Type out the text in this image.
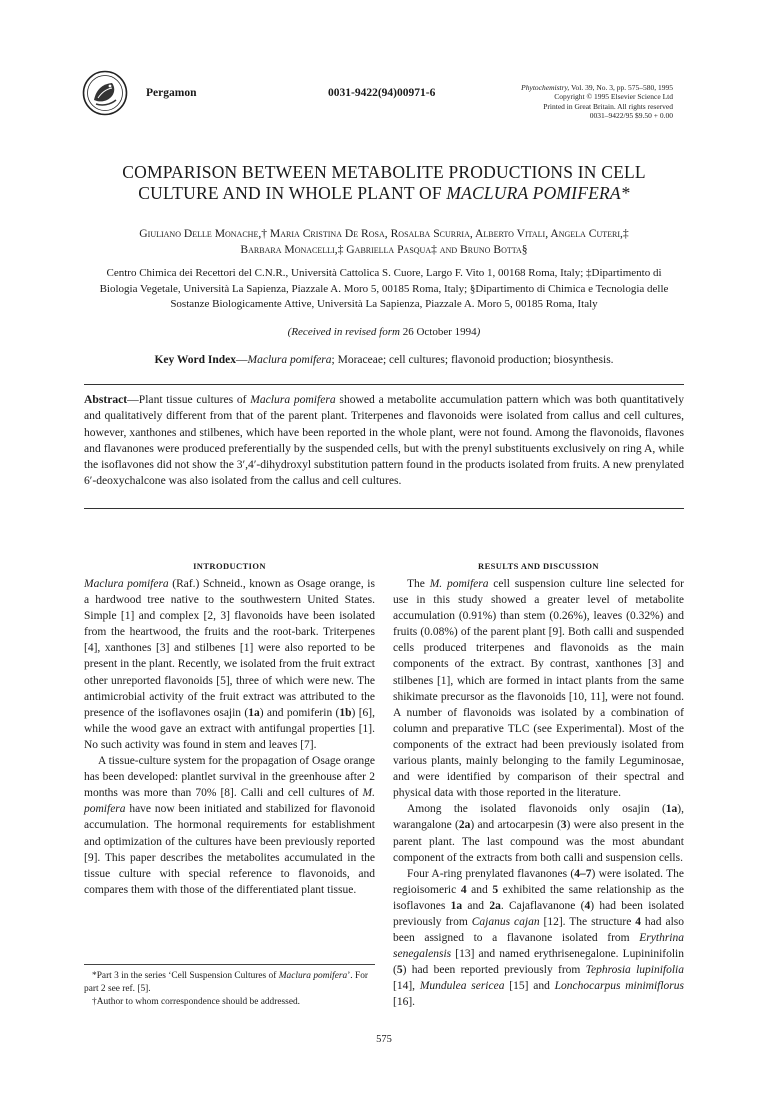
Pergamon	0031-9422(94)00971-6	Phytochemistry, Vol. 39, No. 3, pp. 575–580, 1995
Copyright © 1995 Elsevier Science Ltd
Printed in Great Britain. All rights reserved
0031–9422/95 $9.50 + 0.00
COMPARISON BETWEEN METABOLITE PRODUCTIONS IN CELL
CULTURE AND IN WHOLE PLANT OF MACLURA POMIFERA*
Giuliano Delle Monache,† Maria Cristina De Rosa, Rosalba Scurria, Alberto Vitali, Angela Cuteri,‡
Barbara Monacelli,‡ Gabriella Pasqua‡ and Bruno Botta§
Centro Chimica dei Recettori del C.N.R., Università Cattolica S. Cuore, Largo F. Vito 1, 00168 Roma, Italy; ‡Dipartimento di
Biologia Vegetale, Università La Sapienza, Piazzale A. Moro 5, 00185 Roma, Italy; §Dipartimento di Chimica e Tecnologia delle
Sostanze Biologicamente Attive, Università La Sapienza, Piazzale A. Moro 5, 00185 Roma, Italy
(Received in revised form 26 October 1994)
Key Word Index—Maclura pomifera; Moraceae; cell cultures; flavonoid production; biosynthesis.
Abstract—Plant tissue cultures of Maclura pomifera showed a metabolite accumulation pattern which was both quantitatively and qualitatively different from that of the parent plant. Triterpenes and flavonoids were isolated from callus and cell cultures, however, xanthones and stilbenes, which have been reported in the whole plant, were not found. Among the flavonoids, flavones and flavanones were produced preferentially by the suspended cells, but with the prenyl substituents exclusively on ring A, while the isoflavones did not show the 3′,4′-dihydroxyl substitution pattern found in the products isolated from fruits. A new prenylated 6′-deoxychalcone was also isolated from the callus and cell cultures.
INTRODUCTION

Maclura pomifera (Raf.) Schneid., known as Osage orange, is a hardwood tree native to the southwestern United States. Simple [1] and complex [2, 3] flavonoids have been isolated from the heartwood, the fruits and the root-bark. Triterpenes [4], xanthones [3] and stilbenes [1] were also reported to be present in the plant. Recently, we isolated from the fruit extract other unreported flavonoids [5], three of which were new. The antimicrobial activity of the fruit extract was attributed to the presence of the isoflavones osajin (1a) and pomiferin (1b) [6], while the wood gave an extract with antifungal properties [1]. No such activity was found in stem and leaves [7].

A tissue-culture system for the propagation of Osage orange has been developed: plantlet survival in the greenhouse after 2 months was more than 70% [8]. Calli and cell cultures of M. pomifera have now been initiated and stabilized for flavonoid accumulation. The hormonal requirements for establishment and optimization of the cultures have been previously reported [9]. This paper describes the metabolites accumulated in the tissue culture with special reference to flavonoids, and compares them with those of the differentiated plant tissue.

*Part 3 in the series ‘Cell Suspension Cultures of Maclura pomifera’. For part 2 see ref. [5].
†Author to whom correspondence should be addressed.
RESULTS AND DISCUSSION

The M. pomifera cell suspension culture line selected for use in this study showed a greater level of metabolite accumulation (0.91%) than stem (0.26%), leaves (0.32%) and fruits (0.08%) of the parent plant [9]. Both calli and suspended cells produced triterpenes and flavonoids as the main components of the extract. By contrast, xanthones [3] and stilbenes [1], which are formed in intact plants from the same shikimate precursor as the flavonoids [10, 11], were not found. A number of flavonoids was isolated by a combination of column and preparative TLC (see Experimental). Most of the components of the extract had been previously isolated from various plants, mainly belonging to the family Leguminosae, and were identified by comparison of their spectral and physical data with those reported in the literature.

Among the isolated flavonoids only osajin (1a), warangalone (2a) and artocarpesin (3) were also present in the parent plant. The last compound was the most abundant component of the extracts from both calli and suspension cells.

Four A-ring prenylated flavanones (4–7) were isolated. The regioisomeric 4 and 5 exhibited the same relationship as the isoflavones 1a and 2a. Cajaflavanone (4) had been isolated previously from Cajanus cajan [12]. The structure 4 had also been assigned to a flavanone isolated from Erythrina senegalensis [13] and named erythrisenegalone. Lupininifolin (5) had been reported previously from Tephrosia lupinifolia [14], Mundulea sericea [15] and Lonchocarpus minimiflorus [16].

575
